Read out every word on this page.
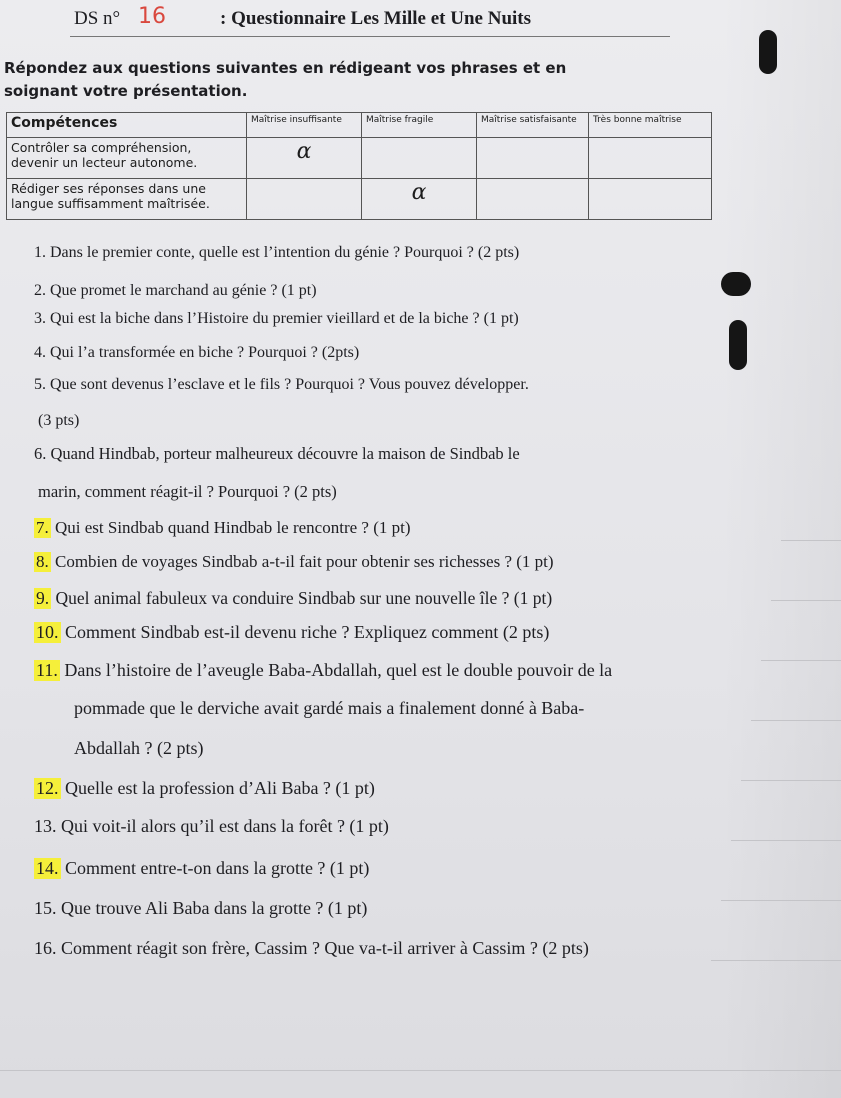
DS n° 16	: Questionnaire Les Mille et Une Nuits
Répondez aux questions suivantes en rédigeant vos phrases et en
soignant votre présentation.
Compétences	Maîtrise insuffisante	Maîtrise fragile	Maîtrise satisfaisante	Très bonne maîtrise
Contrôler sa compréhension, devenir un lecteur autonome.	α			

Rédiger ses réponses dans une langue suffisamment maîtrisée.		α		

1. Dans le premier conte, quelle est l’intention du génie ? Pourquoi ? (2 pts)
2. Que promet le marchand au génie ? (1 pt)
3. Qui est la biche dans l’Histoire du premier vieillard et de la biche ? (1 pt)
4. Qui l’a transformée en biche ? Pourquoi ? (2pts)
5. Que sont devenus l’esclave et le fils ? Pourquoi ? Vous pouvez développer.
(3 pts)
6. Quand Hindbab, porteur malheureux découvre la maison de Sindbab le
marin, comment réagit-il ? Pourquoi ? (2 pts)
7. Qui est Sindbab quand Hindbab le rencontre ? (1 pt)
8. Combien de voyages Sindbab a-t-il fait pour obtenir ses richesses ? (1 pt)
9. Quel animal fabuleux va conduire Sindbab sur une nouvelle île ? (1 pt)
10. Comment Sindbab est-il devenu riche ? Expliquez comment (2 pts)
11. Dans l’histoire de l’aveugle Baba-Abdallah, quel est le double pouvoir de la
pommade que le derviche avait gardé mais a finalement donné à Baba-
Abdallah ? (2 pts)
12. Quelle est la profession d’Ali Baba ? (1 pt)
13. Qui voit-il alors qu’il est dans la forêt ? (1 pt)
14. Comment entre-t-on dans la grotte ? (1 pt)
15. Que trouve Ali Baba dans la grotte ? (1 pt)
16. Comment réagit son frère, Cassim ? Que va-t-il arriver à Cassim ? (2 pts)
